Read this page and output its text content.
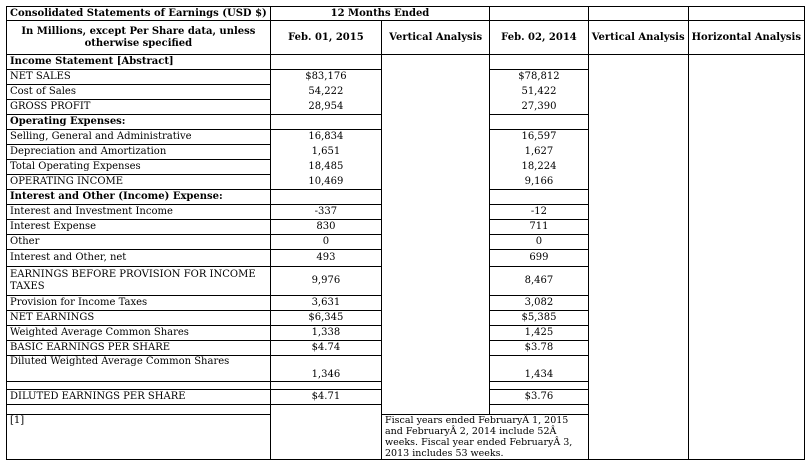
Consolidated Statements of Earnings (USD $)	12 Months Ended				
In Millions, except Per Share data, unless otherwise specified	Feb. 01, 2015	Vertical Analysis	Feb. 02, 2014	Vertical Analysis	Horizontal Analysis
Income Statement [Abstract]					
NET SALES	$83,176		$78,812		
Cost of Sales	54,222		51,422		
GROSS PROFIT	28,954		27,390		
Operating Expenses:					
Selling, General and Administrative	16,834		16,597		
Depreciation and Amortization	1,651		1,627		
Total Operating Expenses	18,485		18,224		
OPERATING INCOME	10,469		9,166		
Interest and Other (Income) Expense:					
Interest and Investment Income	-337		-12		
Interest Expense	830		711		
Other	0		0		
Interest and Other, net	493		699		
EARNINGS BEFORE PROVISION FOR INCOME TAXES	9,976		8,467		
Provision for Income Taxes	3,631		3,082		
NET EARNINGS	$6,345		$5,385		
Weighted Average Common Shares	1,338		1,425		
BASIC EARNINGS PER SHARE	$4.74		$3.78		
Diluted Weighted Average Common Shares	1,346		1,434		

DILUTED EARNINGS PER SHARE	$4.71		$3.76		

[1]		Fiscal years ended FebruaryÂ 1, 2015 and FebruaryÂ 2, 2014 include 52Â weeks. Fiscal year ended FebruaryÂ 3, 2013 includes 53 weeks.			
